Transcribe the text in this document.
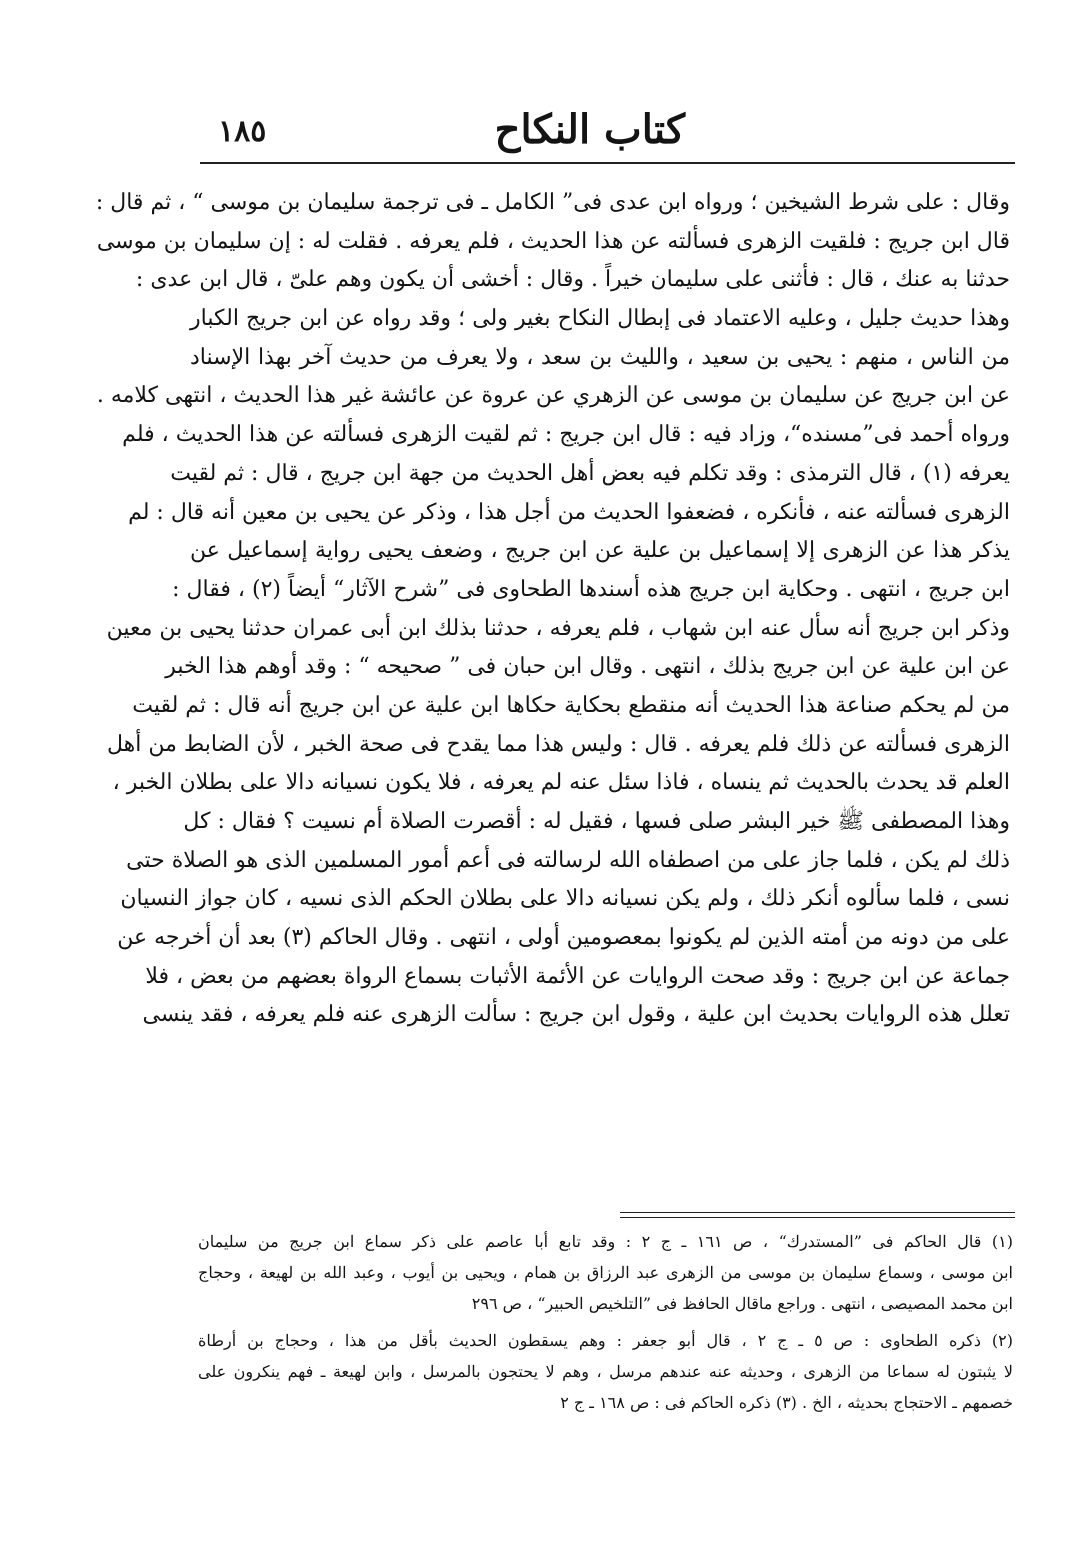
كتاب النكاح
١٨٥
وقال : على شرط الشيخين ؛ ورواه ابن عدى فى” الكامل ـ فى ترجمة سليمان بن موسى “ ، ثم قال :
قال ابن جريج : فلقيت الزهرى فسألته عن هذا الحديث ، فلم يعرفه . فقلت له : إن سليمان بن موسى
حدثنا به عنك ، قال : فأثنى على سليمان خيراً . وقال : أخشى أن يكون وهم علىّ ، قال ابن عدى :
وهذا حديث جليل ، وعليه الاعتماد فى إبطال النكاح بغير ولى ؛ وقد رواه عن ابن جريج الكبار
من الناس ، منهم : يحيى بن سعيد ، والليث بن سعد ، ولا يعرف من حديث آخر بهذا الإسناد
عن ابن جريج عن سليمان بن موسى عن الزهري عن عروة عن عائشة غير هذا الحديث ، انتهى كلامه .
ورواه أحمد فى”مسنده“، وزاد فيه : قال ابن جريج : ثم لقيت الزهرى فسألته عن هذا الحديث ، فلم
يعرفه (١) ، قال الترمذى : وقد تكلم فيه بعض أهل الحديث من جهة ابن جريج ، قال : ثم لقيت
الزهرى فسألته عنه ، فأنكره ، فضعفوا الحديث من أجل هذا ، وذكر عن يحيى بن معين أنه قال : لم
يذكر هذا عن الزهرى إلا إسماعيل بن علية عن ابن جريج ، وضعف يحيى رواية إسماعيل عن
ابن جريج ، انتهى . وحكاية ابن جريج هذه أسندها الطحاوى فى ”شرح الآثار“ أيضاً (٢) ، فقال :
وذكر ابن جريج أنه سأل عنه ابن شهاب ، فلم يعرفه ، حدثنا بذلك ابن أبى عمران حدثنا يحيى بن معين
عن ابن علية عن ابن جريج بذلك ، انتهى . وقال ابن حبان فى ” صحيحه “ : وقد أوهم هذا الخبر
من لم يحكم صناعة هذا الحديث أنه منقطع بحكاية حكاها ابن علية عن ابن جريج أنه قال : ثم لقيت
الزهرى فسألته عن ذلك فلم يعرفه . قال : وليس هذا مما يقدح فى صحة الخبر ، لأن الضابط من أهل
العلم قد يحدث بالحديث ثم ينساه ، فاذا سئل عنه لم يعرفه ، فلا يكون نسيانه دالا على بطلان الخبر ،
وهذا المصطفى ﷺ خير البشر صلى فسها ، فقيل له : أقصرت الصلاة أم نسيت ؟ فقال : كل
ذلك لم يكن ، فلما جاز على من اصطفاه الله لرسالته فى أعم أمور المسلمين الذى هو الصلاة حتى
نسى ، فلما سألوه أنكر ذلك ، ولم يكن نسيانه دالا على بطلان الحكم الذى نسيه ، كان جواز النسيان
على من دونه من أمته الذين لم يكونوا بمعصومين أولى ، انتهى . وقال الحاكم (٣) بعد أن أخرجه عن
جماعة عن ابن جريج : وقد صحت الروايات عن الأئمة الأثبات بسماع الرواة بعضهم من بعض ، فلا
تعلل هذه الروايات بحديث ابن علية ، وقول ابن جريج : سألت الزهرى عنه فلم يعرفه ، فقد ينسى
(١) قال الحاكم فى ”المستدرك“ ، ص ١٦١ ـ ج ٢ : وقد تابع أبا عاصم على ذكر سماع ابن جريج من سليمان
ابن موسى ، وسماع سليمان بن موسى من الزهرى عبد الرزاق بن همام ، ويحيى بن أيوب ، وعبد الله بن لهيعة ، وحجاج
ابن محمد المصيصى ، انتهى . وراجع ماقال الحافظ فى ”التلخيص الحبير“ ، ص ٢٩٦
(٢) ذكره الطحاوى : ص ٥ ـ ج ٢ ، قال أبو جعفر : وهم يسقطون الحديث بأقل من هذا ، وحجاج بن أرطاة
لا يثبتون له سماعا من الزهرى ، وحديثه عنه عندهم مرسل ، وهم لا يحتجون بالمرسل ، وابن لهيعة ـ فهم ينكرون على
خصمهم ـ الاحتجاج بحديثه ، الخ . (٣) ذكره الحاكم فى : ص ١٦٨ ـ ج ٢
